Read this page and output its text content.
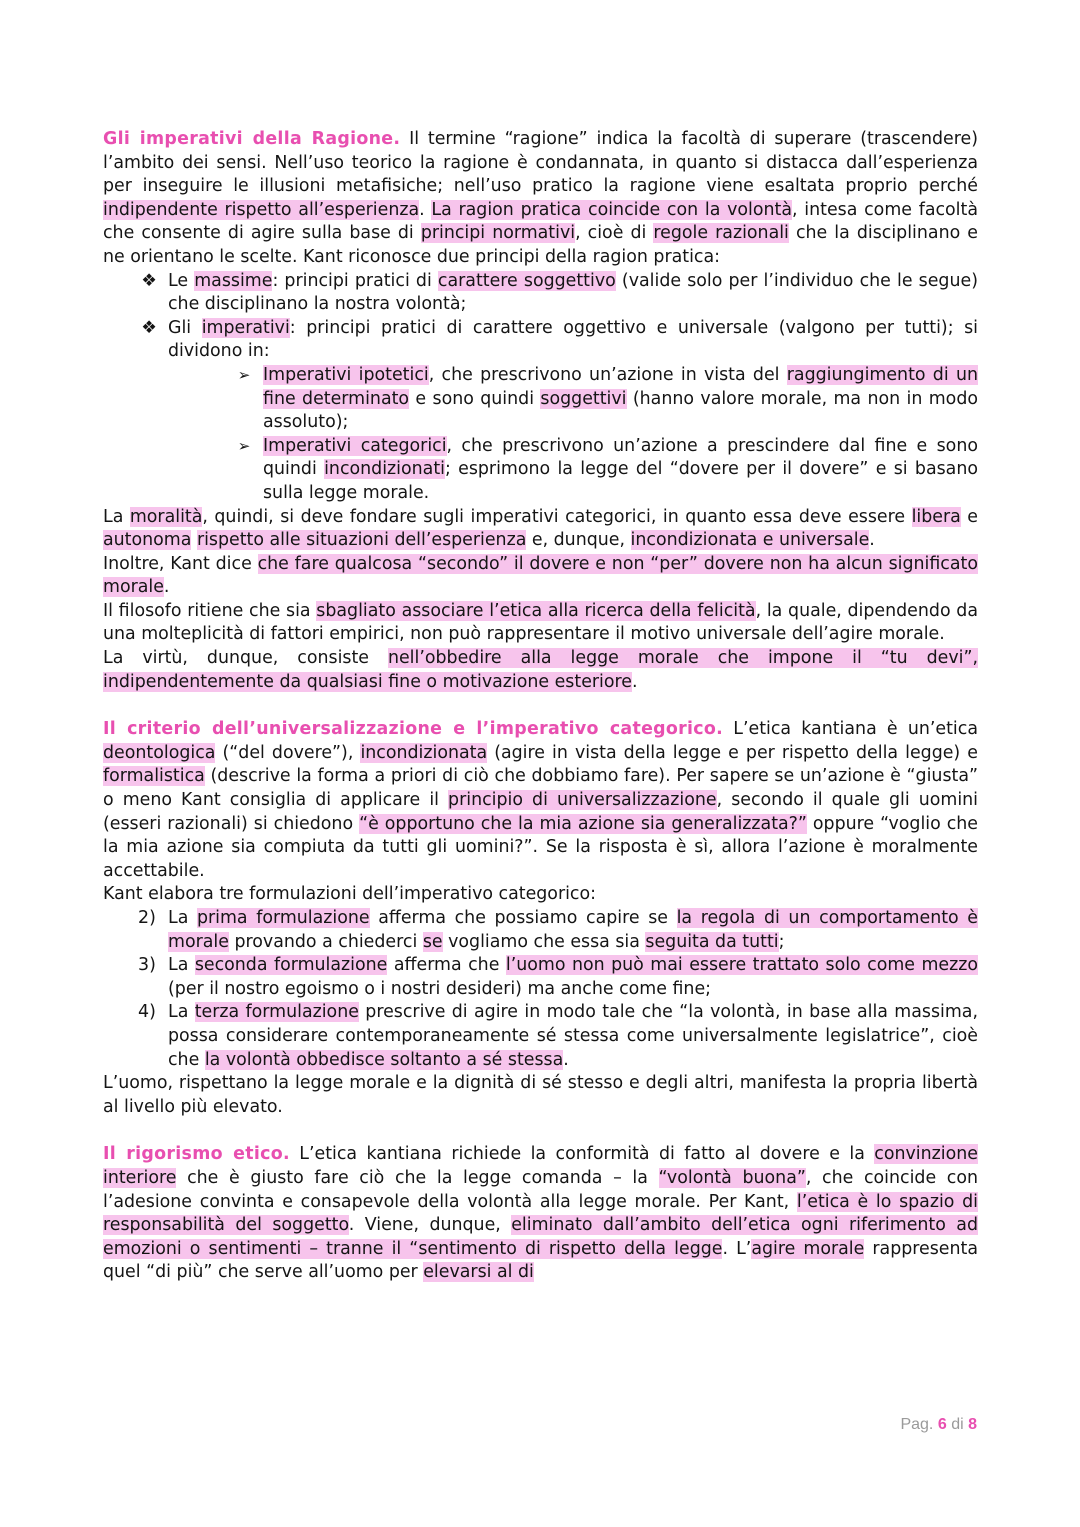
Gli imperativi della Ragione. Il termine “ragione” indica la facoltà di superare (trascendere) l’ambito dei sensi. Nell’uso teorico la ragione è condannata, in quanto si distacca dall’esperienza per inseguire le illusioni metafisiche; nell’uso pratico la ragione viene esaltata proprio perché indipendente rispetto all’esperienza. La ragion pratica coincide con la volontà, intesa come facoltà che consente di agire sulla base di principi normativi, cioè di regole razionali che la disciplinano e ne orientano le scelte. Kant riconosce due principi della ragion pratica:

❖ Le massime: principi pratici di carattere soggettivo (valide solo per l’individuo che le segue) che disciplinano la nostra volontà;
❖ Gli imperativi: principi pratici di carattere oggettivo e universale (valgono per tutti); si dividono in:
➢ Imperativi ipotetici, che prescrivono un’azione in vista del raggiungimento di un fine determinato e sono quindi soggettivi (hanno valore morale, ma non in modo assoluto);
➢ Imperativi categorici, che prescrivono un’azione a prescindere dal fine e sono quindi incondizionati; esprimono la legge del “dovere per il dovere” e si basano sulla legge morale.

La moralità, quindi, si deve fondare sugli imperativi categorici, in quanto essa deve essere libera e autonoma rispetto alle situazioni dell’esperienza e, dunque, incondizionata e universale.

Inoltre, Kant dice che fare qualcosa “secondo” il dovere e non “per” dovere non ha alcun significato morale.

Il filosofo ritiene che sia sbagliato associare l’etica alla ricerca della felicità, la quale, dipendendo da una molteplicità di fattori empirici, non può rappresentare il motivo universale dell’agire morale.

La virtù, dunque, consiste nell’obbedire alla legge morale che impone il “tu devi”, indipendentemente da qualsiasi fine o motivazione esteriore.

Il criterio dell’universalizzazione e l’imperativo categorico. L’etica kantiana è un’etica deontologica (“del dovere”), incondizionata (agire in vista della legge e per rispetto della legge) e formalistica (descrive la forma a priori di ciò che dobbiamo fare). Per sapere se un’azione è “giusta” o meno Kant consiglia di applicare il principio di universalizzazione, secondo il quale gli uomini (esseri razionali) si chiedono “è opportuno che la mia azione sia generalizzata?” oppure “voglio che la mia azione sia compiuta da tutti gli uomini?”. Se la risposta è sì, allora l’azione è moralmente accettabile.

Kant elabora tre formulazioni dell’imperativo categorico:

2) La prima formulazione afferma che possiamo capire se la regola di un comportamento è morale provando a chiederci se vogliamo che essa sia seguita da tutti;
3) La seconda formulazione afferma che l’uomo non può mai essere trattato solo come mezzo (per il nostro egoismo o i nostri desideri) ma anche come fine;
4) La terza formulazione prescrive di agire in modo tale che “la volontà, in base alla massima, possa considerare contemporaneamente sé stessa come universalmente legislatrice”, cioè che la volontà obbedisce soltanto a sé stessa.

L’uomo, rispettano la legge morale e la dignità di sé stesso e degli altri, manifesta la propria libertà al livello più elevato.

Il rigorismo etico. L’etica kantiana richiede la conformità di fatto al dovere e la convinzione interiore che è giusto fare ciò che la legge comanda – la “volontà buona”, che coincide con l’adesione convinta e consapevole della volontà alla legge morale. Per Kant, l’etica è lo spazio di responsabilità del soggetto. Viene, dunque, eliminato dall’ambito dell’etica ogni riferimento ad emozioni o sentimenti – tranne il “sentimento di rispetto della legge. L’agire morale rappresenta quel “di più” che serve all’uomo per elevarsi al di

Pag. 6 di 8
